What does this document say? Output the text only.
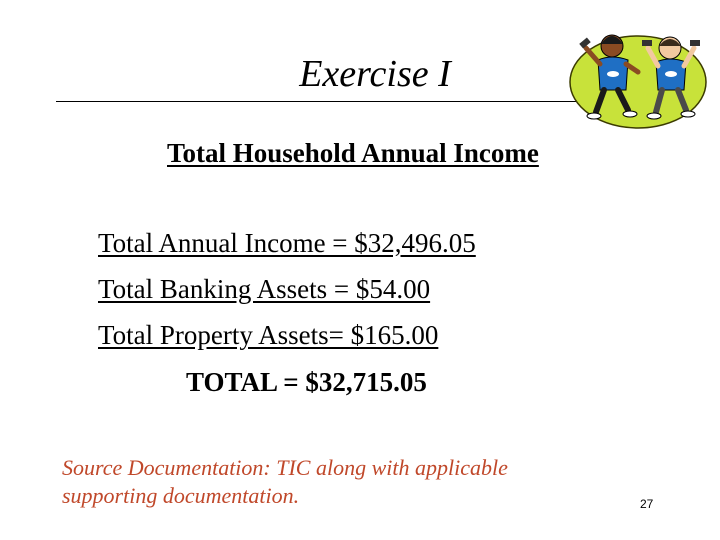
Exercise I
Total Household Annual Income
Total Annual Income = $32,496.05
Total Banking Assets = $54.00
Total Property Assets= $165.00
TOTAL = $32,715.05
Source Documentation: TIC along with applicable supporting documentation.	27
